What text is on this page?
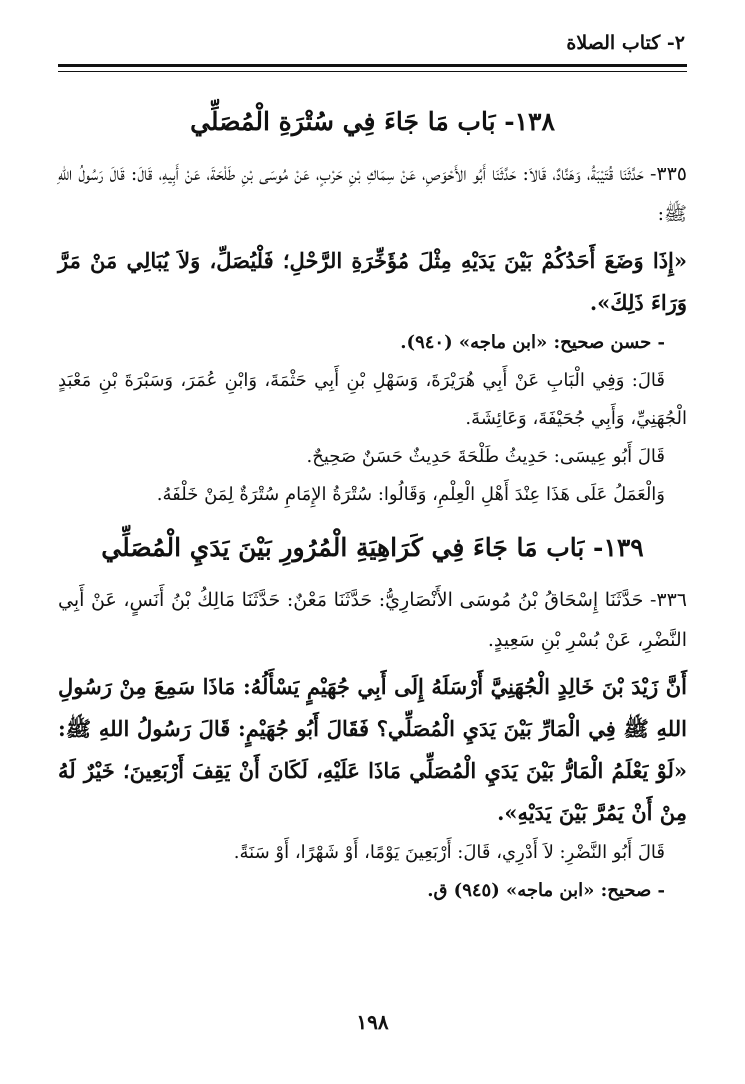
٢- كتاب الصلاة
١٣٨- بَاب مَا جَاءَ فِي سُتْرَةِ الْمُصَلِّي

٣٣٥- حَدَّثَنَا قُتَيْبَةُ، وَهَنَّادٌ، قَالاَ: حَدَّثَنَا أَبُو الأَحْوَصِ، عَنْ سِمَاكِ بْنِ حَرْبٍ، عَنْ مُوسَى بْنِ طَلْحَةَ، عَنْ أَبِيهِ، قَالَ: قَالَ رَسُولُ اللهِ ﷺ:

«إِذَا وَضَعَ أَحَدُكُمْ بَيْنَ يَدَيْهِ مِثْلَ مُؤَخِّرَةِ الرَّحْلِ؛ فَلْيُصَلِّ، وَلاَ يُبَالِي مَنْ مَرَّ وَرَاءَ ذَلِكَ».

- حسن صحيح: «ابن ماجه» (٩٤٠).

قَالَ: وَفِي الْبَابِ عَنْ أَبِي هُرَيْرَةَ، وَسَهْلِ بْنِ أَبِي حَثْمَةَ، وَابْنِ عُمَرَ، وَسَبْرَةَ بْنِ مَعْبَدٍ الْجُهَنِيِّ، وَأَبِي جُحَيْفَةَ، وَعَائِشَةَ.

قَالَ أَبُو عِيسَى: حَدِيثُ طَلْحَةَ حَدِيثٌ حَسَنٌ صَحِيحٌ.

وَالْعَمَلُ عَلَى هَذَا عِنْدَ أَهْلِ الْعِلْمِ، وَقَالُوا: سُتْرَةُ الإِمَامِ سُتْرَةٌ لِمَنْ خَلْفَهُ.

١٣٩- بَاب مَا جَاءَ فِي كَرَاهِيَةِ الْمُرُورِ بَيْنَ يَدَيِ الْمُصَلِّي

٣٣٦- حَدَّثَنَا إِسْحَاقُ بْنُ مُوسَى الأَنْصَارِيُّ: حَدَّثَنَا مَعْنٌ: حَدَّثَنَا مَالِكُ بْنُ أَنَسٍ، عَنْ أَبِي النَّضْرِ، عَنْ بُسْرِ بْنِ سَعِيدٍ.

أَنَّ زَيْدَ بْنَ خَالِدٍ الْجُهَنِيَّ أَرْسَلَهُ إِلَى أَبِي جُهَيْمٍ يَسْأَلُهُ: مَاذَا سَمِعَ مِنْ رَسُولِ اللهِ ﷺ فِي الْمَارِّ بَيْنَ يَدَيِ الْمُصَلِّي؟ فَقَالَ أَبُو جُهَيْمٍ: قَالَ رَسُولُ اللهِ ﷺ: «لَوْ يَعْلَمُ الْمَارُّ بَيْنَ يَدَيِ الْمُصَلِّي مَاذَا عَلَيْهِ، لَكَانَ أَنْ يَقِفَ أَرْبَعِينَ؛ خَيْرٌ لَهُ مِنْ أَنْ يَمُرَّ بَيْنَ يَدَيْهِ».

قَالَ أَبُو النَّضْرِ: لاَ أَدْرِي، قَالَ: أَرْبَعِينَ يَوْمًا، أَوْ شَهْرًا، أَوْ سَنَةً.

- صحيح: «ابن ماجه» (٩٤٥) ق.

١٩٨
